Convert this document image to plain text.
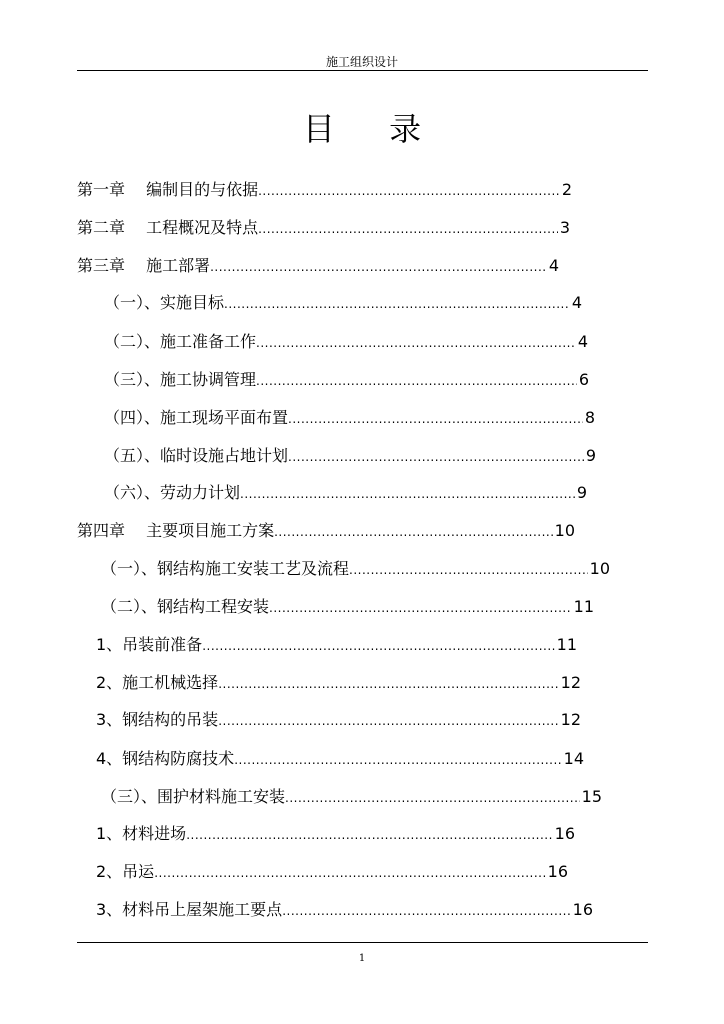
施工组织设计
目 录
第一章　 编制目的与依据 .....	2
第二章　 工程概况及特点 .....	3
第三章　 施工部署 .....	4
（一）、实施目标 .....	4
（二）、施工准备工作 .....	4
（三）、施工协调管理 .....	6
（四）、施工现场平面布置 .....	8
（五）、临时设施占地计划 .....	9
（六）、劳动力计划 .....	9
第四章　 主要项目施工方案 .....	10
（一）、钢结构施工安装工艺及流程 .....	10
（二）、钢结构工程安装 .....	11
1、吊装前准备 .....	11
2、施工机械选择 .....	12
3、钢结构的吊装 .....	12
4、钢结构防腐技术 .....	14
（三）、围护材料施工安装 .....	15
1、材料进场 .....	16
2、吊运 .....	16
3、材料吊上屋架施工要点 .....	16
1
